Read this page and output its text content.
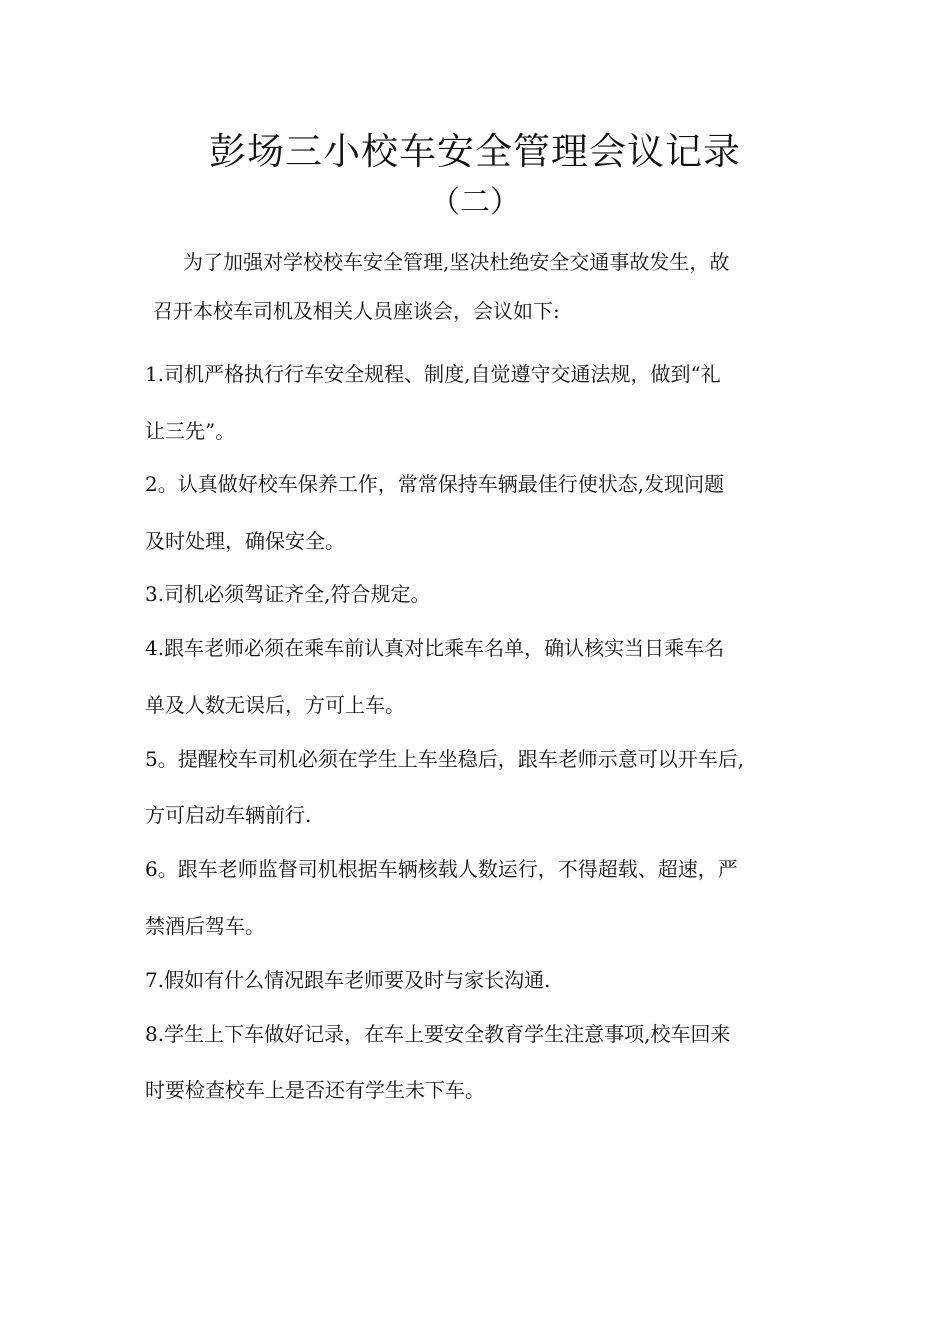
彭场三小校车安全管理会议记录
（二）
为了加强对学校校车安全管理,坚决杜绝安全交通事故发生，故
召开本校车司机及相关人员座谈会，会议如下:
1.司机严格执行行车安全规程、制度,自觉遵守交通法规，做到“礼
让三先”。
2。认真做好校车保养工作，常常保持车辆最佳行使状态,发现问题
及时处理，确保安全。
3.司机必须驾证齐全,符合规定。
4.跟车老师必须在乘车前认真对比乘车名单，确认核实当日乘车名
单及人数无误后，方可上车。
5。提醒校车司机必须在学生上车坐稳后，跟车老师示意可以开车后,
方可启动车辆前行.
6。跟车老师监督司机根据车辆核载人数运行，不得超载、超速，严
禁酒后驾车。
7.假如有什么情况跟车老师要及时与家长沟通.
8.学生上下车做好记录，在车上要安全教育学生注意事项,校车回来
时要检查校车上是否还有学生未下车。
